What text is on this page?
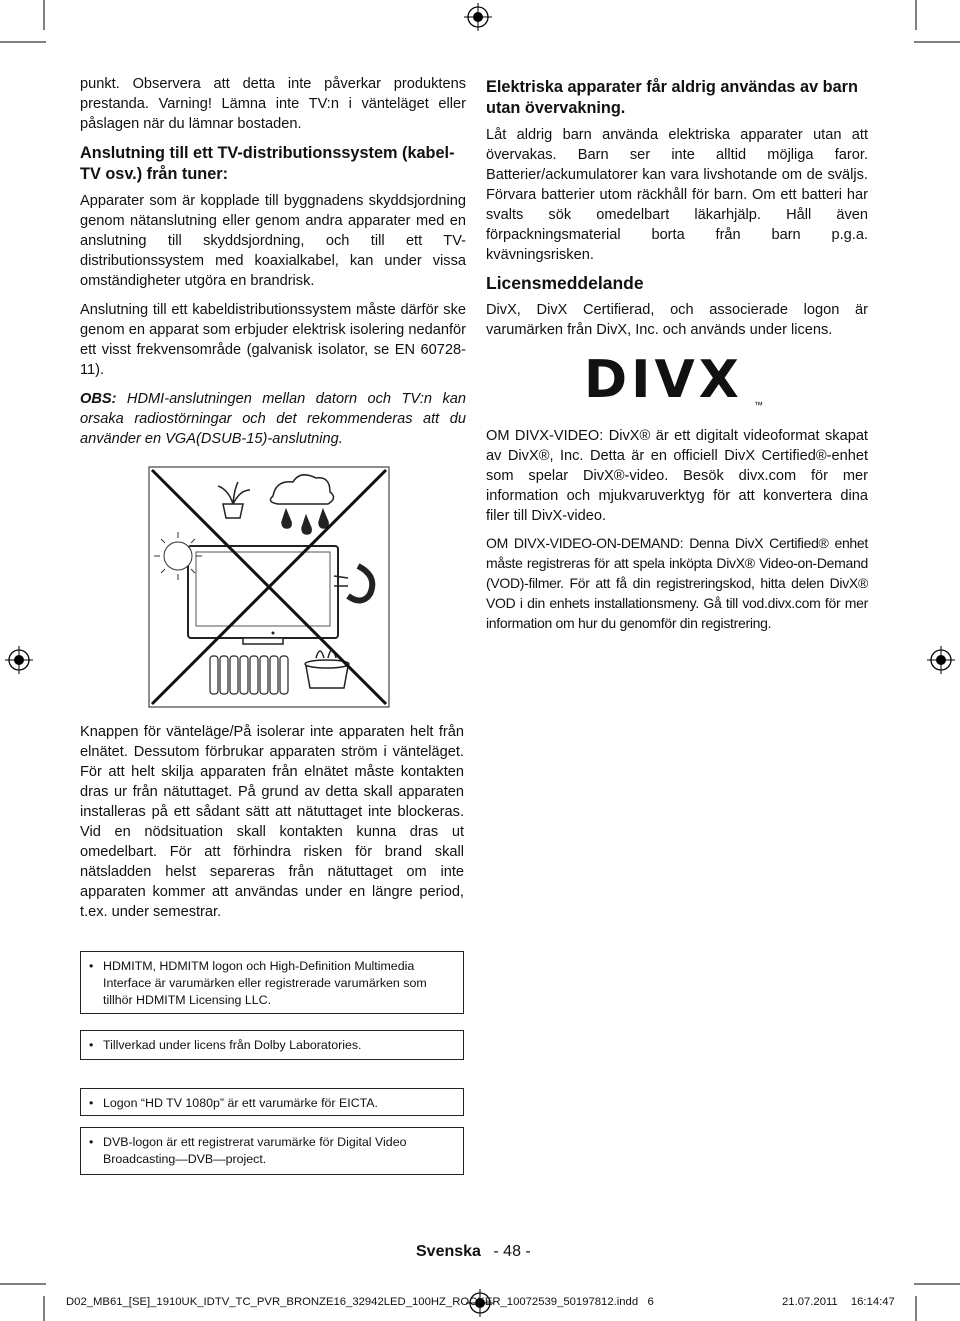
punkt. Observera att detta inte påverkar produktens prestanda. Varning! Lämna inte TV:n i vänteläget eller påslagen när du lämnar bostaden.

Anslutning till ett TV-distributionssystem (kabel-TV osv.) från tuner:

Apparater som är kopplade till byggnadens skyddsjordning genom nätanslutning eller genom andra apparater med en anslutning till skyddsjordning, och till ett TV-distributionssystem med koaxialkabel, kan under vissa omständigheter utgöra en brandrisk.

Anslutning till ett kabeldistributionssystem måste därför ske genom en apparat som erbjuder elektrisk isolering nedanför ett visst frekvensområde (galvanisk isolator, se EN 60728-11).

OBS: HDMI-anslutningen mellan datorn och TV:n kan orsaka radiostörningar och det rekommenderas att du använder en VGA(DSUB-15)-anslutning.

Elektriska apparater får aldrig användas av barn utan övervakning.

Låt aldrig barn använda elektriska apparater utan att övervakas. Barn ser inte alltid möjliga faror. Batterier/ackumulatorer kan vara livshotande om de sväljs. Förvara batterier utom räckhåll för barn. Om ett batteri har svalts sök omedelbart läkarhjälp. Håll även förpackningsmaterial borta från barn p.g.a. kvävningsrisken.

Licensmeddelande

DivX, DivX Certifierad, och associerade logon är varumärken från DivX, Inc. och används under licens.

DIVX ™

OM DIVX-VIDEO: DivX® är ett digitalt videoformat skapat av DivX®, Inc. Detta är en officiell DivX Certified®-enhet som spelar DivX®-video. Besök divx.com för mer information och mjukvaruverktyg för att konvertera dina filer till DivX-video.

OM DIVX-VIDEO-ON-DEMAND: Denna DivX Certified® enhet måste registreras för att spela inköpta DivX® Video-on-Demand (VOD)-filmer. För att få din registreringskod, hitta delen DivX® VOD i din enhets installationsmeny. Gå till vod.divx.com för mer information om hur du genomför din registrering.

Knappen för vänteläge/På isolerar inte apparaten helt från elnätet. Dessutom förbrukar apparaten ström i vänteläget. För att helt skilja apparaten från elnätet måste kontakten dras ur från nätuttaget. På grund av detta skall apparaten installeras på ett sådant sätt att nätuttaget inte blockeras. Vid en nödsituation skall kontakten kunna dras ut omedelbart. För att förhindra risken för brand skall nätsladden helst separeras från nätuttaget om inte apparaten kommer att användas under en längre period, t.ex. under semestrar.

• HDMITM, HDMITM logon och High-Definition Multimedia Interface är varumärken eller registrerade varumärken som tillhör HDMITM Licensing LLC.
• Tillverkad under licens från Dolby Laboratories.
• Logon “HD TV 1080p” är ett varumärke för EICTA.
• DVB-logon är ett registrerat varumärke för Digital Video Broadcasting—DVB—project.
Svenska - 48 -
D02_MB61_[SE]_1910UK_IDTV_TC_PVR_BRONZE16_32942LED_100HZ_ROCKER_10072539_50197812.indd   6	21.07.2011 16:14:47
